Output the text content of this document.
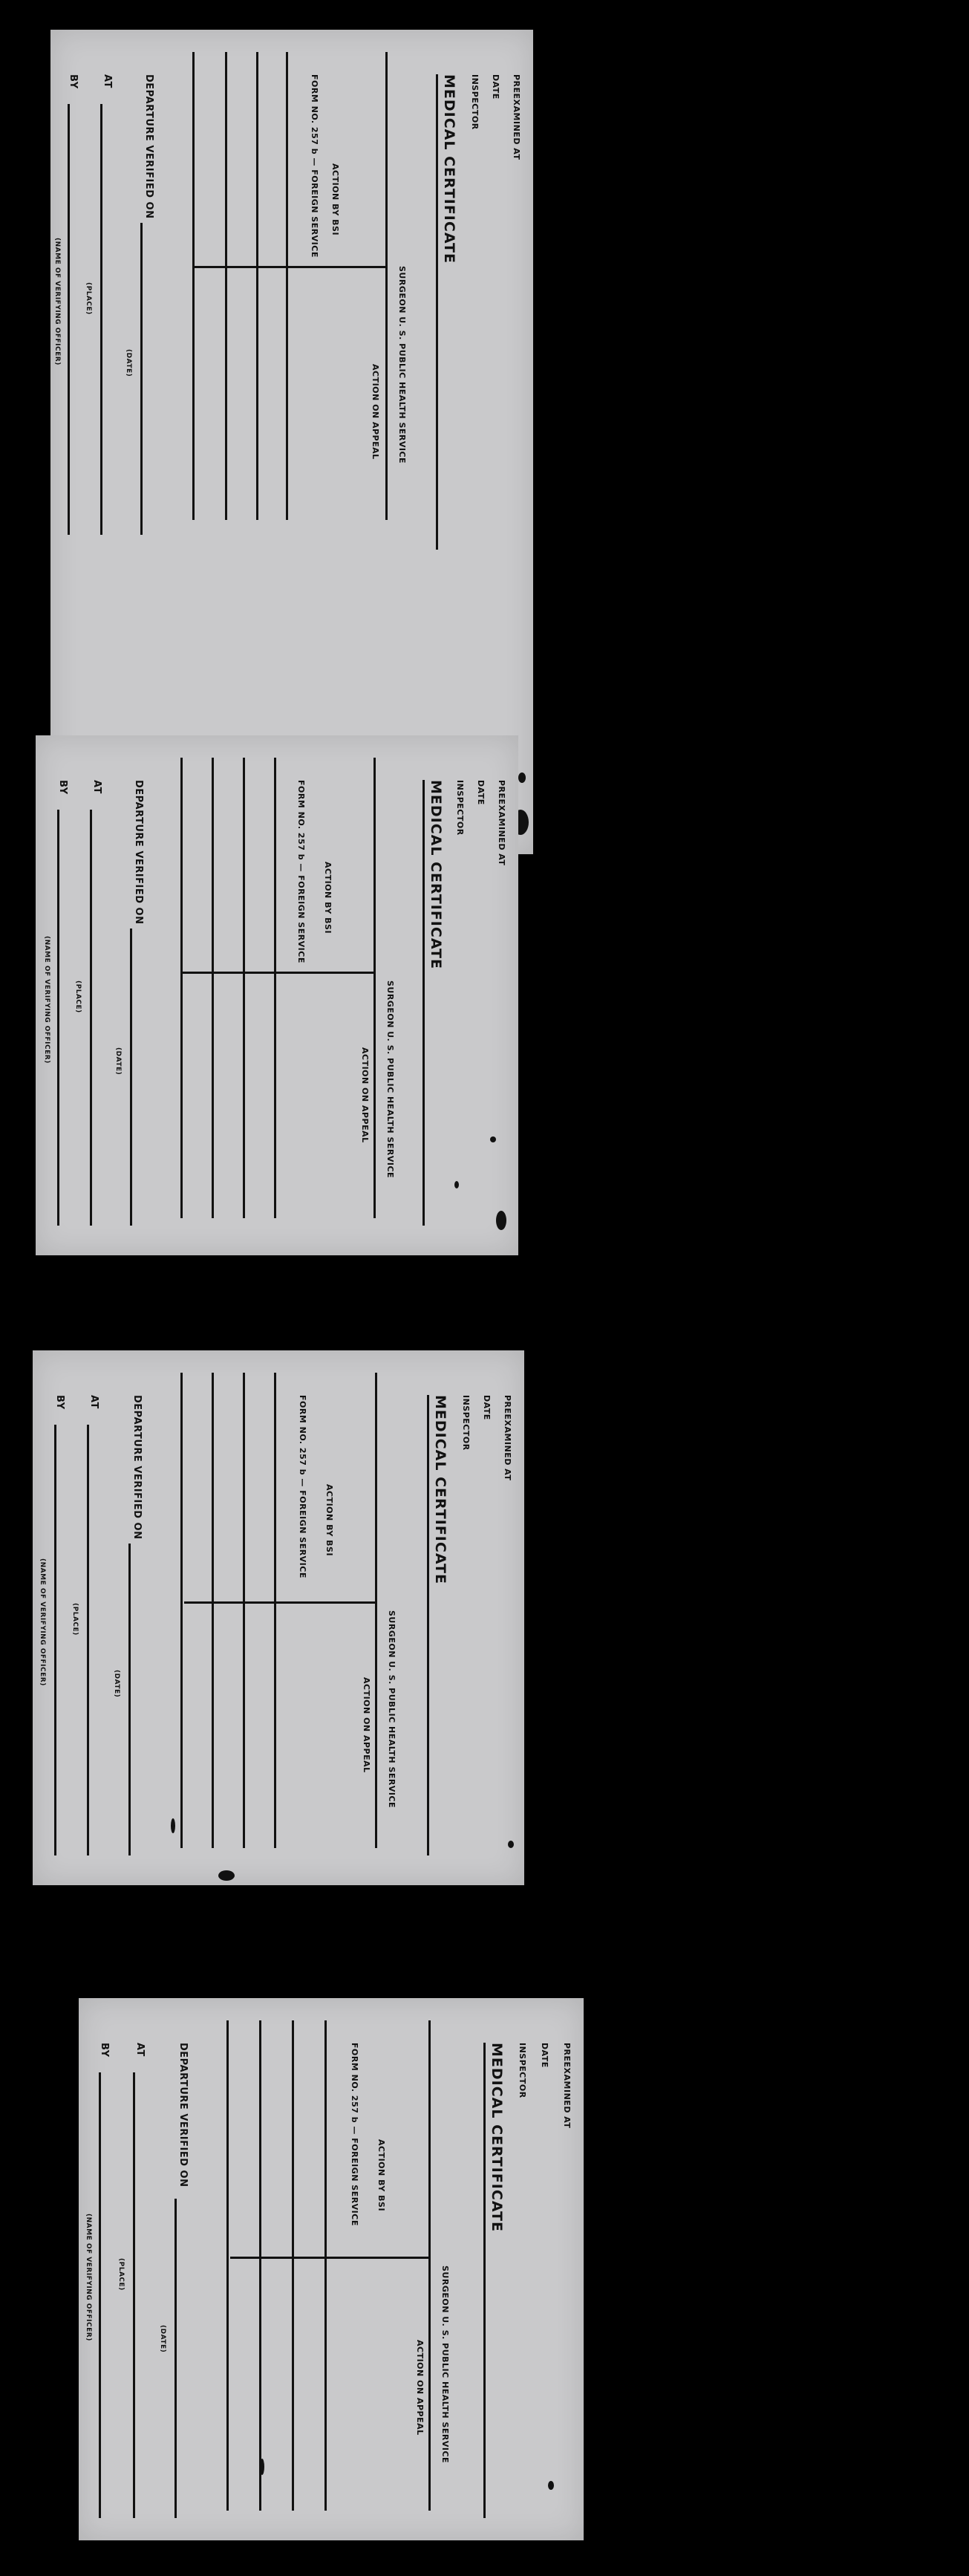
PREEXAMINED AT
DATE
INSPECTOR
MEDICAL CERTIFICATE
SURGEON U. S. PUBLIC HEALTH SERVICE
ACTION ON APPEAL
ACTION BY BSI
FORM NO. 257 b — FOREIGN SERVICE
DEPARTURE VERIFIED ON
(DATE)
AT
(PLACE)
BY
(NAME OF VERIFYING OFFICER)
PREEXAMINED AT
DATE
INSPECTOR
MEDICAL CERTIFICATE
SURGEON U. S. PUBLIC HEALTH SERVICE
ACTION ON APPEAL
ACTION BY BSI
FORM NO. 257 b — FOREIGN SERVICE
DEPARTURE VERIFIED ON
(DATE)
AT
(PLACE)
BY
(NAME OF VERIFYING OFFICER)
PREEXAMINED AT
DATE
INSPECTOR
MEDICAL CERTIFICATE
SURGEON U. S. PUBLIC HEALTH SERVICE
ACTION ON APPEAL
ACTION BY BSI
FORM NO. 257 b — FOREIGN SERVICE
DEPARTURE VERIFIED ON
(DATE)
AT
(PLACE)
BY
(NAME OF VERIFYING OFFICER)
PREEXAMINED AT
DATE
INSPECTOR
MEDICAL CERTIFICATE
SURGEON U. S. PUBLIC HEALTH SERVICE
ACTION ON APPEAL
ACTION BY BSI
FORM NO. 257 b — FOREIGN SERVICE
DEPARTURE VERIFIED ON
(DATE)
AT
(PLACE)
BY
(NAME OF VERIFYING OFFICER)
